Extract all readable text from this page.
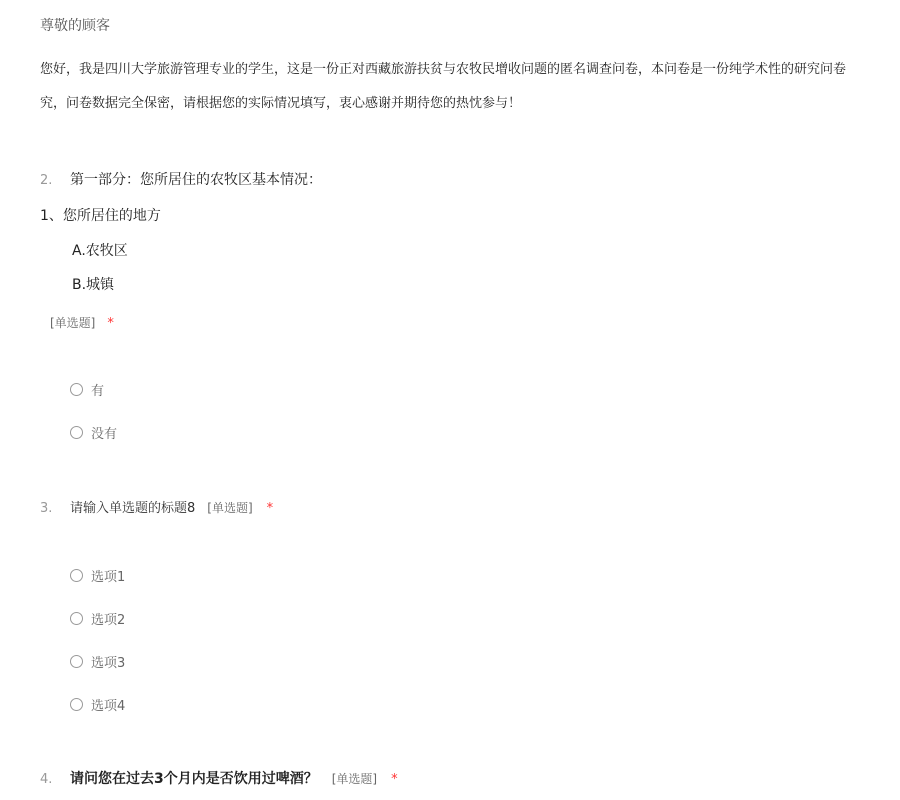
尊敬的顾客
您好，我是四川大学旅游管理专业的学生，这是一份正对西藏旅游扶贫与农牧民增收问题的匿名调查问卷，本问卷是一份纯学术性的研究问卷
究，问卷数据完全保密，请根据您的实际情况填写，衷心感谢并期待您的热忱参与！
2. 第一部分：您所居住的农牧区基本情况：
1、您所居住的地方
A.农牧区
B.城镇
[单选题] *
有
没有
3. 请输入单选题的标题8 [单选题] *
选项1
选项2
选项3
选项4
4. 请问您在过去3个月内是否饮用过啤酒？ [单选题] *
